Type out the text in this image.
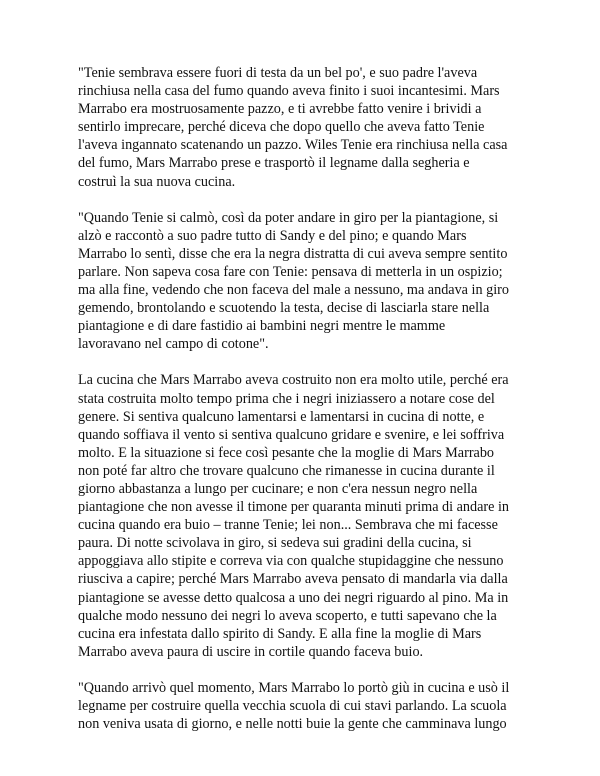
"Tenie sembrava essere fuori di testa da un bel po', e suo padre l'aveva
rinchiusa nella casa del fumo quando aveva finito i suoi incantesimi. Mars
Marrabo era mostruosamente pazzo, e ti avrebbe fatto venire i brividi a
sentirlo imprecare, perché diceva che dopo quello che aveva fatto Tenie
l'aveva ingannato scatenando un pazzo. Wiles Tenie era rinchiusa nella casa
del fumo, Mars Marrabo prese e trasportò il legname dalla segheria e
costruì la sua nuova cucina.

"Quando Tenie si calmò, così da poter andare in giro per la piantagione, si
alzò e raccontò a suo padre tutto di Sandy e del pino; e quando Mars
Marrabo lo sentì, disse che era la negra distratta di cui aveva sempre sentito
parlare. Non sapeva cosa fare con Tenie: pensava di metterla in un ospizio;
ma alla fine, vedendo che non faceva del male a nessuno, ma andava in giro
gemendo, brontolando e scuotendo la testa, decise di lasciarla stare nella
piantagione e di dare fastidio ai bambini negri mentre le mamme
lavoravano nel campo di cotone".

La cucina che Mars Marrabo aveva costruito non era molto utile, perché era
stata costruita molto tempo prima che i negri iniziassero a notare cose del
genere. Si sentiva qualcuno lamentarsi e lamentarsi in cucina di notte, e
quando soffiava il vento si sentiva qualcuno gridare e svenire, e lei soffriva
molto. E la situazione si fece così pesante che la moglie di Mars Marrabo
non poté far altro che trovare qualcuno che rimanesse in cucina durante il
giorno abbastanza a lungo per cucinare; e non c'era nessun negro nella
piantagione che non avesse il timone per quaranta minuti prima di andare in
cucina quando era buio – tranne Tenie; lei non... Sembrava che mi facesse
paura. Di notte scivolava in giro, si sedeva sui gradini della cucina, si
appoggiava allo stipite e correva via con qualche stupidaggine che nessuno
riusciva a capire; perché Mars Marrabo aveva pensato di mandarla via dalla
piantagione se avesse detto qualcosa a uno dei negri riguardo al pino. Ma in
qualche modo nessuno dei negri lo aveva scoperto, e tutti sapevano che la
cucina era infestata dallo spirito di Sandy. E alla fine la moglie di Mars
Marrabo aveva paura di uscire in cortile quando faceva buio.

"Quando arrivò quel momento, Mars Marrabo lo portò giù in cucina e usò il
legname per costruire quella vecchia scuola di cui stavi parlando. La scuola
non veniva usata di giorno, e nelle notti buie la gente che camminava lungo
